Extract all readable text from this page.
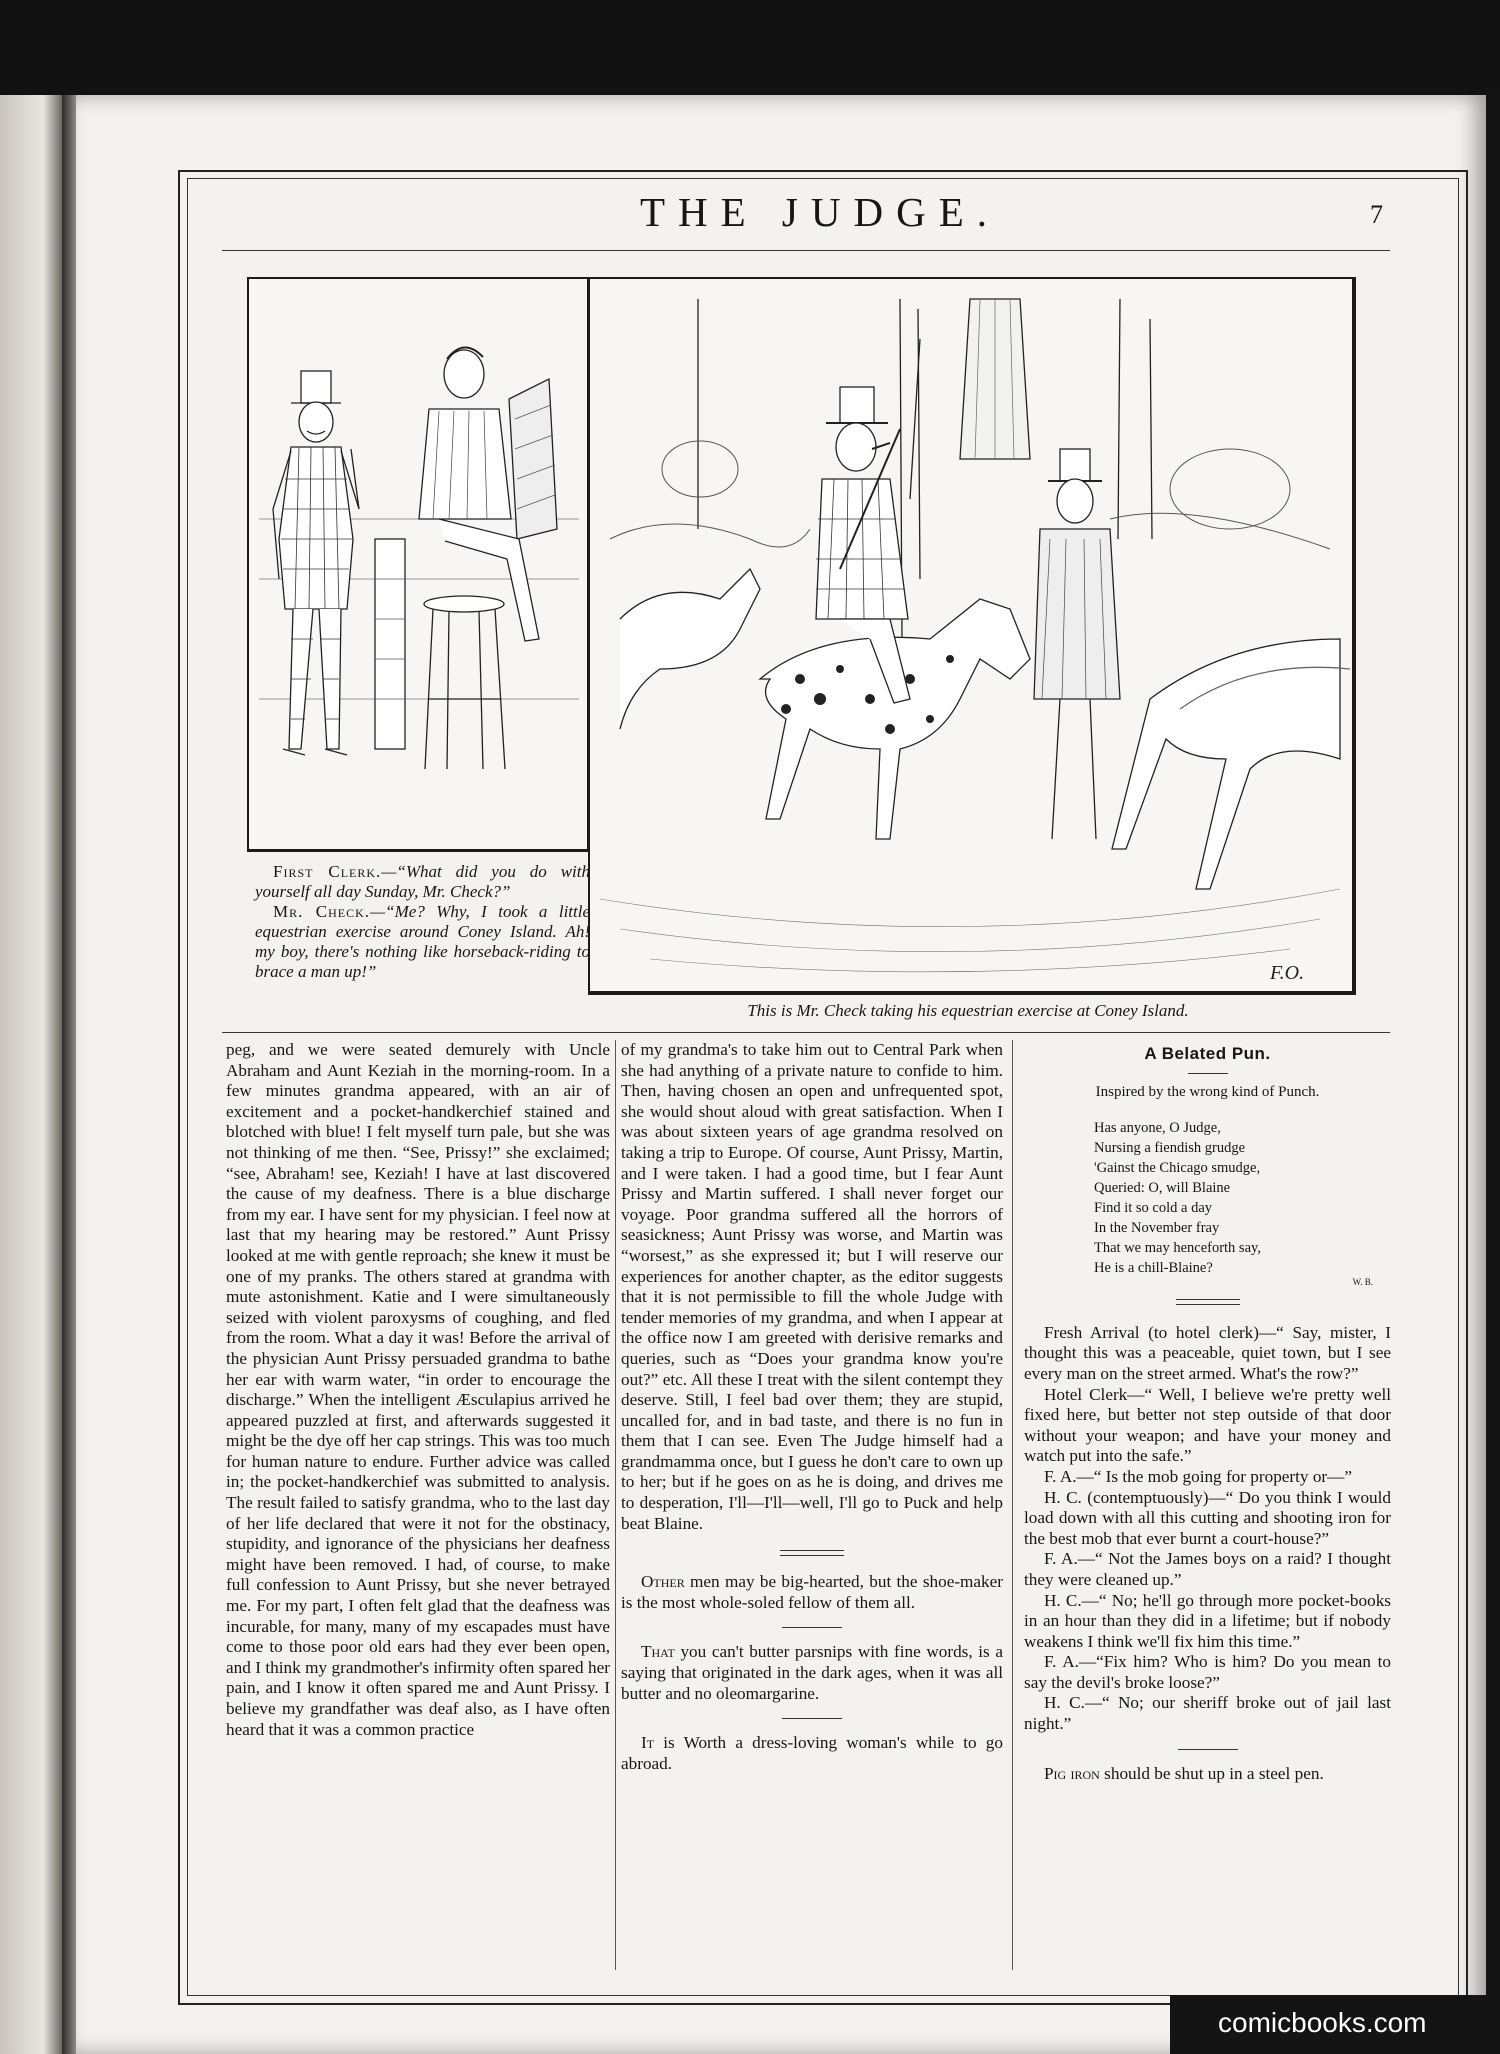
THE JUDGE.	7
F.O.

First Clerk.—“What did you do with yourself all day Sunday, Mr. Check?”

Mr. Check.—“Me? Why, I took a little equestrian exercise around Coney Island. Ah! my boy, there's nothing like horseback-riding to brace a man up!”

This is Mr. Check taking his equestrian exercise at Coney Island.

peg, and we were seated demurely with Uncle Abraham and Aunt Keziah in the morning-room. In a few minutes grandma appeared, with an air of excitement and a pocket-handkerchief stained and blotched with blue! I felt myself turn pale, but she was not thinking of me then. “See, Prissy!” she exclaimed; “see, Abraham! see, Keziah! I have at last discovered the cause of my deafness. There is a blue discharge from my ear. I have sent for my physician. I feel now at last that my hearing may be restored.” Aunt Prissy looked at me with gentle reproach; she knew it must be one of my pranks. The others stared at grandma with mute astonishment. Katie and I were simultaneously seized with violent paroxysms of coughing, and fled from the room. What a day it was! Before the arrival of the physician Aunt Prissy persuaded grandma to bathe her ear with warm water, “in order to encourage the discharge.” When the intelligent Æsculapius arrived he appeared puzzled at first, and afterwards suggested it might be the dye off her cap strings. This was too much for human nature to endure. Further advice was called in; the pocket-handkerchief was submitted to analysis. The result failed to satisfy grandma, who to the last day of her life declared that were it not for the obstinacy, stupidity, and ignorance of the physicians her deafness might have been removed. I had, of course, to make full confession to Aunt Prissy, but she never betrayed me. For my part, I often felt glad that the deafness was incurable, for many, many of my escapades must have come to those poor old ears had they ever been open, and I think my grandmother's infirmity often spared her pain, and I know it often spared me and Aunt Prissy. I believe my grandfather was deaf also, as I have often heard that it was a common practice

of my grandma's to take him out to Central Park when she had anything of a private nature to confide to him. Then, having chosen an open and unfrequented spot, she would shout aloud with great satisfaction. When I was about sixteen years of age grandma resolved on taking a trip to Europe. Of course, Aunt Prissy, Martin, and I were taken. I had a good time, but I fear Aunt Prissy and Martin suffered. I shall never forget our voyage. Poor grandma suffered all the horrors of seasickness; Aunt Prissy was worse, and Martin was “worsest,” as she expressed it; but I will reserve our experiences for another chapter, as the editor suggests that it is not permissible to fill the whole Judge with tender memories of my grandma, and when I appear at the office now I am greeted with derisive remarks and queries, such as “Does your grandma know you're out?” etc. All these I treat with the silent contempt they deserve. Still, I feel bad over them; they are stupid, uncalled for, and in bad taste, and there is no fun in them that I can see. Even The Judge himself had a grandmamma once, but I guess he don't care to own up to her; but if he goes on as he is doing, and drives me to desperation, I'll—I'll—well, I'll go to Puck and help beat Blaine.

Other men may be big-hearted, but the shoe-maker is the most whole-soled fellow of them all.

That you can't butter parsnips with fine words, is a saying that originated in the dark ages, when it was all butter and no oleomargarine.

It is Worth a dress-loving woman's while to go abroad.

A Belated Pun.

Inspired by the wrong kind of Punch.

Has anyone, O Judge,
Nursing a fiendish grudge
'Gainst the Chicago smudge,
Queried: O, will Blaine
Find it so cold a day
In the November fray
That we may henceforth say,
He is a chill-Blaine?

W. B.

Fresh Arrival (to hotel clerk)—“ Say, mister, I thought this was a peaceable, quiet town, but I see every man on the street armed. What's the row?”

Hotel Clerk—“ Well, I believe we're pretty well fixed here, but better not step outside of that door without your weapon; and have your money and watch put into the safe.”

F. A.—“ Is the mob going for property or—”

H. C. (contemptuously)—“ Do you think I would load down with all this cutting and shooting iron for the best mob that ever burnt a court-house?”

F. A.—“ Not the James boys on a raid? I thought they were cleaned up.”

H. C.—“ No; he'll go through more pocket-books in an hour than they did in a lifetime; but if nobody weakens I think we'll fix him this time.”

F. A.—“Fix him? Who is him? Do you mean to say the devil's broke loose?”

H. C.—“ No; our sheriff broke out of jail last night.”

Pig iron should be shut up in a steel pen.

comicbooks.com
